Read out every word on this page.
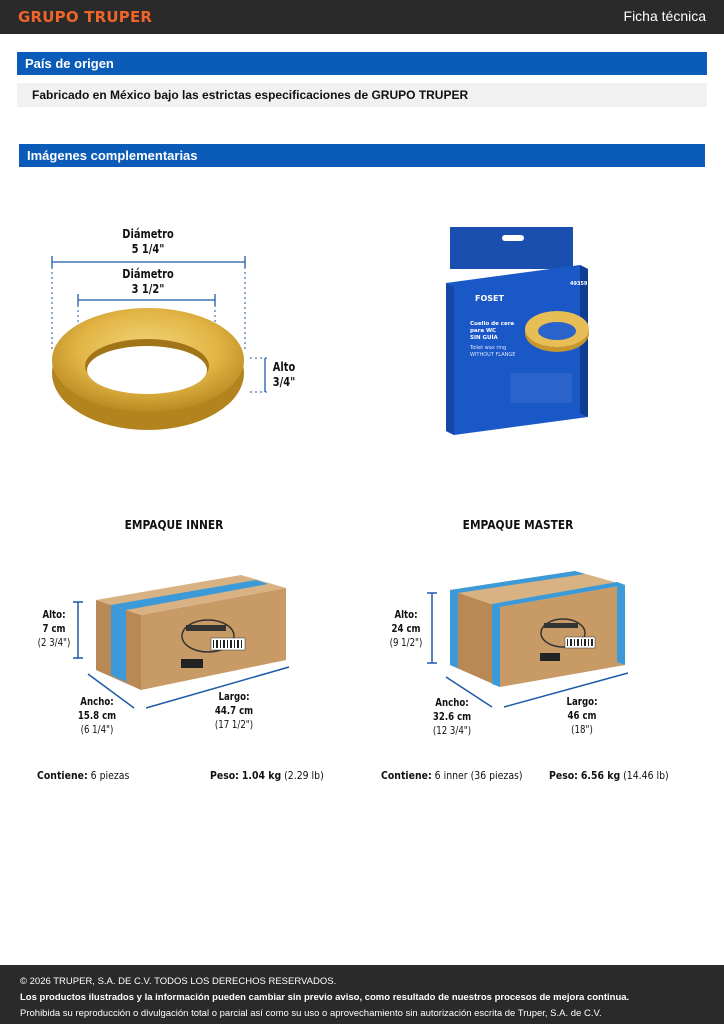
GRUPO TRUPER	Ficha técnica
País de origen
Fabricado en México bajo las estrictas especificaciones de GRUPO TRUPER
Imágenes complementarias
Diámetro
5 1/4"
Diámetro
3 1/2"
Alto
3/4"
FOSET
49359
Cuello de cera
para WC
SIN GUÍA
Toilet wax ring
WITHOUT FLANGE
EMPAQUE INNER
Alto:
7 cm
(2 3/4")
Ancho:
15.8 cm
(6 1/4")
Largo:
44.7 cm
(17 1/2")
EMPAQUE MASTER
Alto:
24 cm
(9 1/2")
Ancho:
32.6 cm
(12 3/4")
Largo:
46 cm
(18")
Contiene: 6 piezas	Peso: 1.04 kg (2.29 lb)	Contiene: 6 inner (36 piezas) Peso: 6.56 kg (14.46 lb)
© 2026 TRUPER, S.A. DE C.V. TODOS LOS DERECHOS RESERVADOS.
Los productos ilustrados y la información pueden cambiar sin previo aviso, como resultado de nuestros procesos de mejora continua.
Prohibida su reproducción o divulgación total o parcial así como su uso o aprovechamiento sin autorización escrita de Truper, S.A. de C.V.
